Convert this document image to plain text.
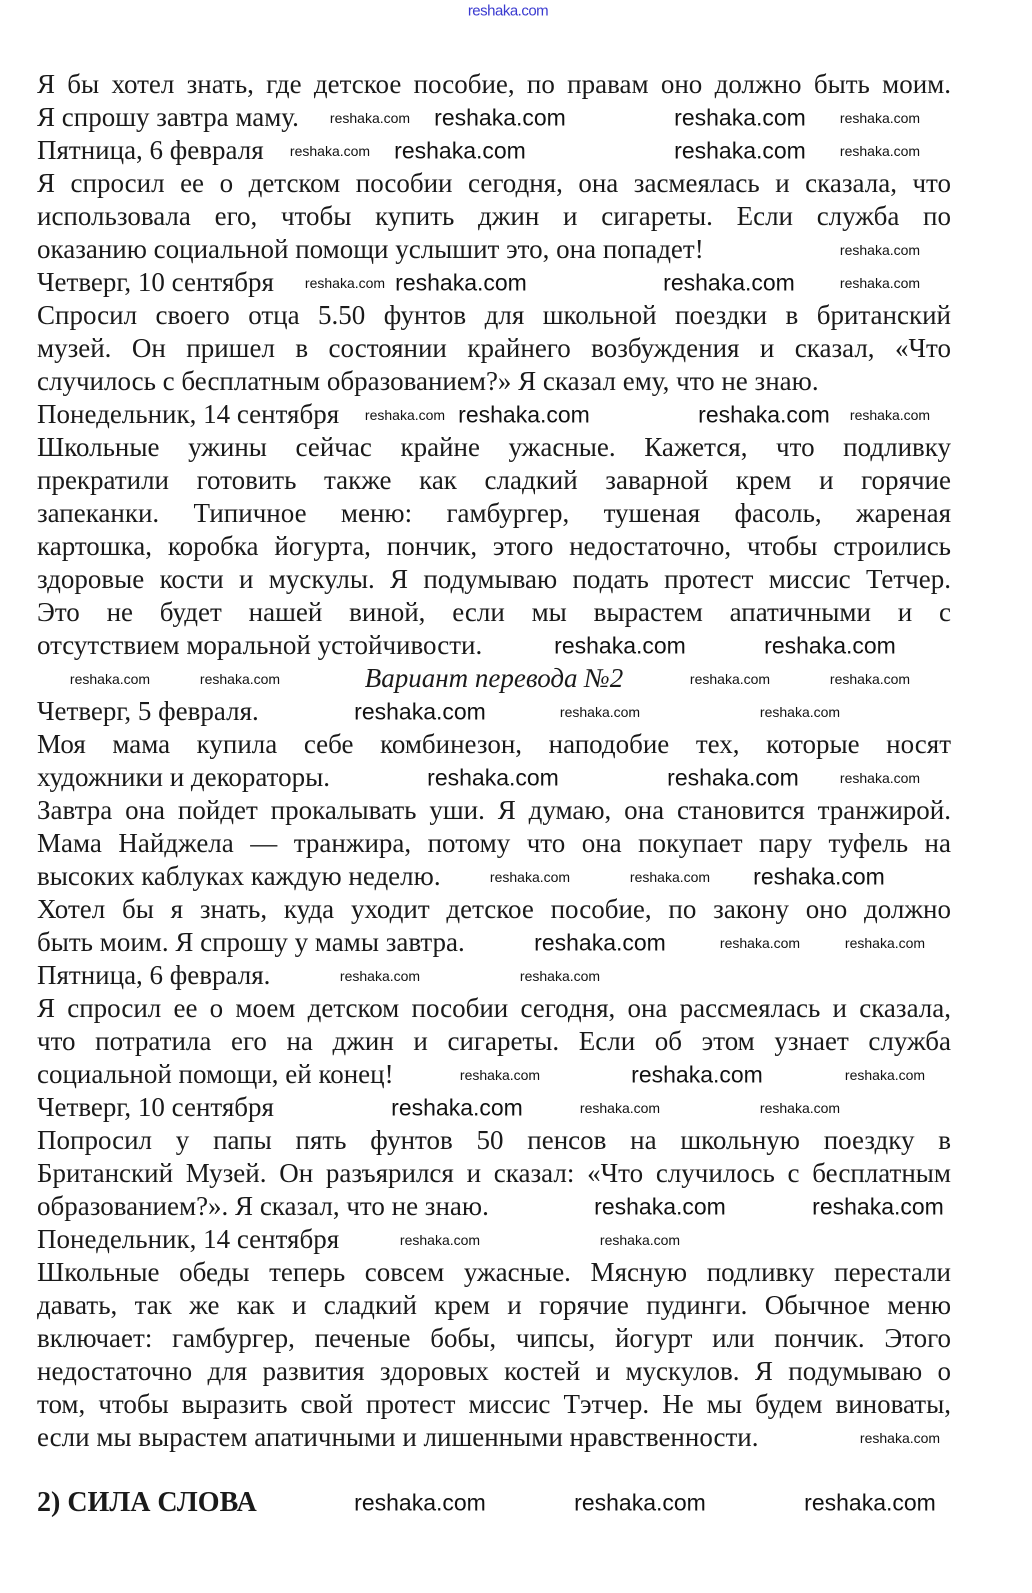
reshaka.com
Я бы хотел знать, где детское пособие, по правам оно должно быть моим.
Я спрошу завтра маму.
Пятница, 6 февраля
Я спросил ее о детском пособии сегодня, она засмеялась и сказала, что
использовала его, чтобы купить джин и сигареты. Если служба по
оказанию социальной помощи услышит это, она попадет!
Четверг, 10 сентября
Спросил своего отца 5.50 фунтов для школьной поездки в британский
музей. Он пришел в состоянии крайнего возбуждения и сказал, «Что
случилось с бесплатным образованием?» Я сказал ему, что не знаю.
Понедельник, 14 сентября
Школьные ужины сейчас крайне ужасные. Кажется, что подливку
прекратили готовить также как сладкий заварной крем и горячие
запеканки. Типичное меню: гамбургер, тушеная фасоль, жареная
картошка, коробка йогурта, пончик, этого недостаточно, чтобы строились
здоровые кости и мускулы. Я подумываю подать протест миссис Тетчер.
Это не будет нашей виной, если мы вырастем апатичными и с
отсутствием моральной устойчивости.
Вариант перевода №2
Четверг, 5 февраля.
Моя мама купила себе комбинезон, наподобие тех, которые носят
художники и декораторы.
Завтра она пойдет прокалывать уши. Я думаю, она становится транжирой.
Мама Найджела — транжира, потому что она покупает пару туфель на
высоких каблуках каждую неделю.
Хотел бы я знать, куда уходит детское пособие, по закону оно должно
быть моим. Я спрошу у мамы завтра.
Пятница, 6 февраля.
Я спросил ее о моем детском пособии сегодня, она рассмеялась и сказала,
что потратила его на джин и сигареты. Если об этом узнает служба
социальной помощи, ей конец!
Четверг, 10 сентября
Попросил у папы пять фунтов 50 пенсов на школьную поездку в
Британский Музей. Он разъярился и сказал: «Что случилось с бесплатным
образованием?». Я сказал, что не знаю.
Понедельник, 14 сентября
Школьные обеды теперь совсем ужасные. Мясную подливку перестали
давать, так же как и сладкий крем и горячие пудинги. Обычное меню
включает: гамбургер, печеные бобы, чипсы, йогурт или пончик. Этого
недостаточно для развития здоровых костей и мускулов. Я подумываю о
том, чтобы выразить свой протест миссис Тэтчер. Не мы будем виноваты,
если мы вырастем апатичными и лишенными нравственности.
2) СИЛА СЛОВА
reshaka.com	reshaka.com
reshaka.com	reshaka.com
reshaka.com	reshaka.com
reshaka.com	reshaka.com
reshaka.com	reshaka.com
reshaka.com
reshaka.com	reshaka.com
reshaka.com
reshaka.com
reshaka.com
reshaka.com
reshaka.com
reshaka.com
reshaka.com	reshaka.com	reshaka.com
reshaka.com	reshaka.com
reshaka.com	reshaka.com
reshaka.com
reshaka.com	reshaka.com
reshaka.com	reshaka.com
reshaka.com	reshaka.com	reshaka.com	reshaka.com
reshaka.com	reshaka.com
reshaka.com
reshaka.com	reshaka.com
reshaka.com	reshaka.com
reshaka.com	reshaka.com
reshaka.com	reshaka.com
reshaka.com	reshaka.com
reshaka.com	reshaka.com
reshaka.com
